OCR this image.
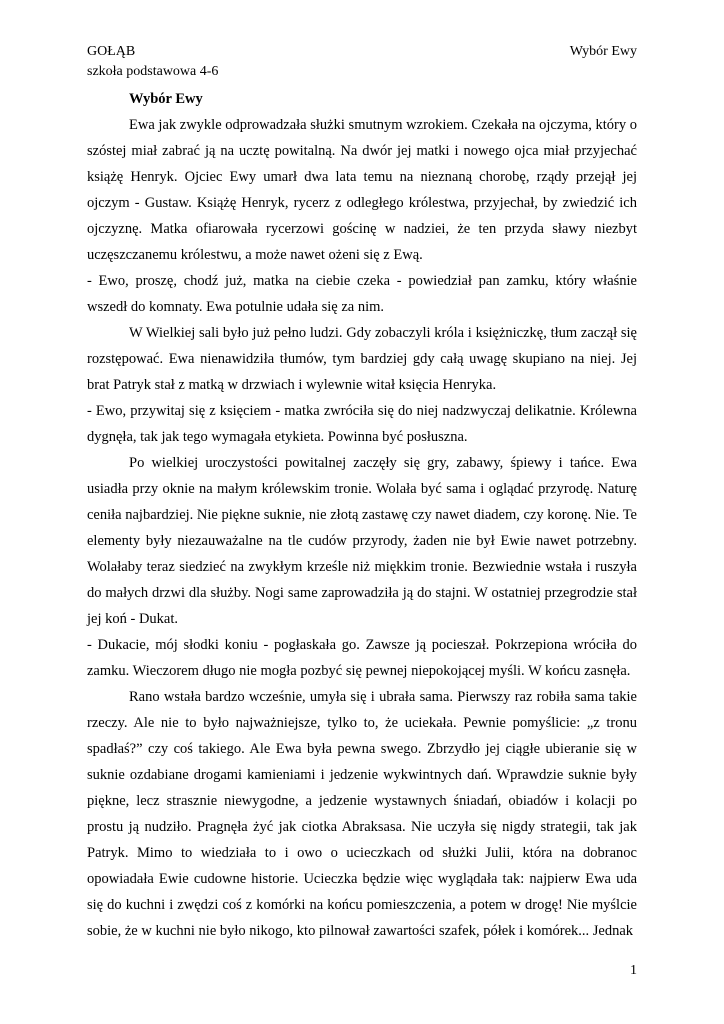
GOŁĄB
szkoła podstawowa 4-6
Wybór Ewy

Wybór Ewy

Ewa jak zwykle odprowadzała służki smutnym wzrokiem. Czekała na ojczyma, który o szóstej miał zabrać ją na ucztę powitalną. Na dwór jej matki i nowego ojca miał przyjechać książę Henryk. Ojciec Ewy umarł dwa lata temu na nieznaną chorobę, rządy przejął jej ojczym - Gustaw. Książę Henryk, rycerz z odległego królestwa, przyjechał, by zwiedzić ich ojczyznę. Matka ofiarowała rycerzowi gościnę w nadziei, że ten przyda sławy niezbyt uczęszczanemu królestwu, a może nawet ożeni się z Ewą.

- Ewo, proszę, chodź już, matka na ciebie czeka - powiedział pan zamku, który właśnie wszedł do komnaty. Ewa potulnie udała się za nim.

W Wielkiej sali było już pełno ludzi. Gdy zobaczyli króla i księżniczkę, tłum zaczął się rozstępować. Ewa nienawidziła tłumów, tym bardziej gdy całą uwagę skupiano na niej. Jej brat Patryk stał z matką w drzwiach i wylewnie witał księcia Henryka.

- Ewo, przywitaj się z księciem - matka zwróciła się do niej nadzwyczaj delikatnie. Królewna dygnęła, tak jak tego wymagała etykieta. Powinna być posłuszna.

Po wielkiej uroczystości powitalnej zaczęły się gry, zabawy, śpiewy i tańce. Ewa usiadła przy oknie na małym królewskim tronie. Wolała być sama i oglądać przyrodę. Naturę ceniła najbardziej. Nie piękne suknie, nie złotą zastawę czy nawet diadem, czy koronę. Nie. Te elementy były niezauważalne na tle cudów przyrody, żaden nie był Ewie nawet potrzebny. Wolałaby teraz siedzieć na zwykłym krześle niż miękkim tronie. Bezwiednie wstała i ruszyła do małych drzwi dla służby. Nogi same zaprowadziła ją do stajni. W ostatniej przegrodzie stał jej koń - Dukat.

- Dukacie, mój słodki koniu - pogłaskała go. Zawsze ją pocieszał. Pokrzepiona wróciła do zamku. Wieczorem długo nie mogła pozbyć się pewnej niepokojącej myśli. W końcu zasnęła.

Rano wstała bardzo wcześnie, umyła się i ubrała sama. Pierwszy raz robiła sama takie rzeczy. Ale nie to było najważniejsze, tylko to, że uciekała. Pewnie pomyślicie: „z tronu spadłaś?” czy coś takiego. Ale Ewa była pewna swego. Zbrzydło jej ciągłe ubieranie się w suknie ozdabiane drogami kamieniami i jedzenie wykwintnych dań. Wprawdzie suknie były piękne, lecz strasznie niewygodne, a jedzenie wystawnych śniadań, obiadów i kolacji po prostu ją nudziło. Pragnęła żyć jak ciotka Abraksasa. Nie uczyła się nigdy strategii, tak jak Patryk. Mimo to wiedziała to i owo o ucieczkach od służki Julii, która na dobranoc opowiadała Ewie cudowne historie. Ucieczka będzie więc wyglądała tak: najpierw Ewa uda się do kuchni i zwędzi coś z komórki na końcu pomieszczenia, a potem w drogę! Nie myślcie sobie, że w kuchni nie było nikogo, kto pilnował zawartości szafek, półek i komórek... Jednak

1
